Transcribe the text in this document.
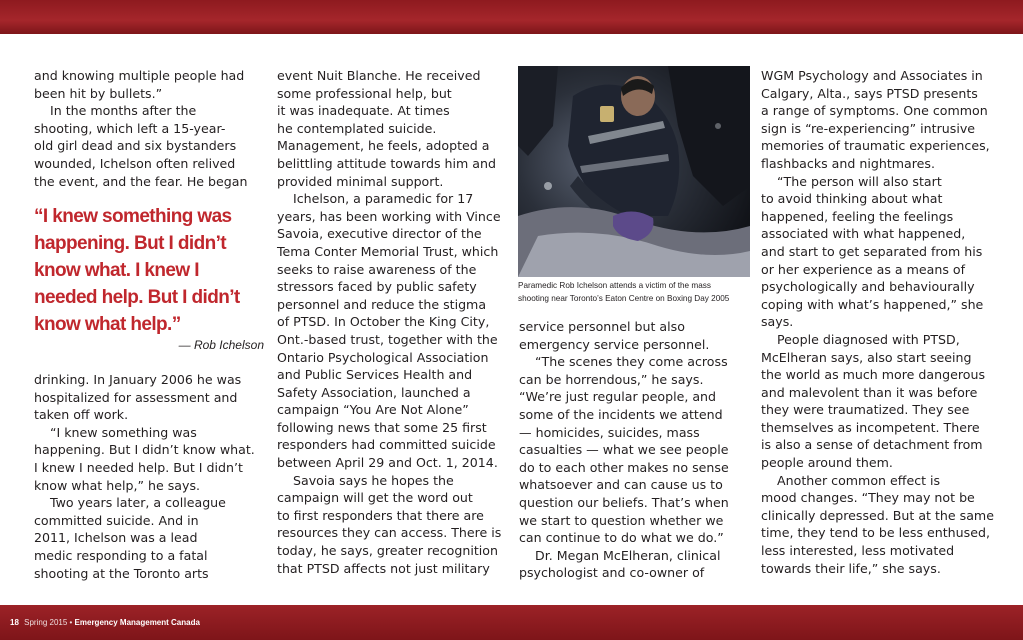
and knowing multiple people had
been hit by bullets.”
In the months after the
shooting, which left a 15-year-
old girl dead and six bystanders
wounded, Ichelson often relived
the event, and the fear. He began
“I knew something was
happening. But I didn’t
know what. I knew I
needed help. But I didn’t
know what help.”
— Rob Ichelson
drinking. In January 2006 he was
hospitalized for assessment and
taken off work.
“I knew something was
happening. But I didn’t know what.
I knew I needed help. But I didn’t
know what help,” he says.
Two years later, a colleague
committed suicide. And in
2011, Ichelson was a lead
medic responding to a fatal
shooting at the Toronto arts
event Nuit Blanche. He received
some professional help, but
it was inadequate. At times
he contemplated suicide.
Management, he feels, adopted a
belittling attitude towards him and
provided minimal support.
Ichelson, a paramedic for 17
years, has been working with Vince
Savoia, executive director of the
Tema Conter Memorial Trust, which
seeks to raise awareness of the
stressors faced by public safety
personnel and reduce the stigma
of PTSD. In October the King City,
Ont.-based trust, together with the
Ontario Psychological Association
and Public Services Health and
Safety Association, launched a
campaign “You Are Not Alone”
following news that some 25 first
responders had committed suicide
between April 29 and Oct. 1, 2014.
Savoia says he hopes the
campaign will get the word out
to first responders that there are
resources they can access. There is
today, he says, greater recognition
that PTSD affects not just military
Paramedic Rob Ichelson attends a victim of the mass
shooting near Toronto’s Eaton Centre on Boxing Day 2005
service personnel but also
emergency service personnel.
“The scenes they come across
can be horrendous,” he says.
“We’re just regular people, and
some of the incidents we attend
— homicides, suicides, mass
casualties — what we see people
do to each other makes no sense
whatsoever and can cause us to
question our beliefs. That’s when
we start to question whether we
can continue to do what we do.”
Dr. Megan McElheran, clinical
psychologist and co-owner of
WGM Psychology and Associates in
Calgary, Alta., says PTSD presents
a range of symptoms. One common
sign is “re-experiencing” intrusive
memories of traumatic experiences,
flashbacks and nightmares.
“The person will also start
to avoid thinking about what
happened, feeling the feelings
associated with what happened,
and start to get separated from his
or her experience as a means of
psychologically and behaviourally
coping with what’s happened,” she
says.
People diagnosed with PTSD,
McElheran says, also start seeing
the world as much more dangerous
and malevolent than it was before
they were traumatized. They see
themselves as incompetent. There
is also a sense of detachment from
people around them.
Another common effect is
mood changes. “They may not be
clinically depressed. But at the same
time, they tend to be less enthused,
less interested, less motivated
towards their life,” she says.
18 Spring 2015 • Emergency Management Canada
